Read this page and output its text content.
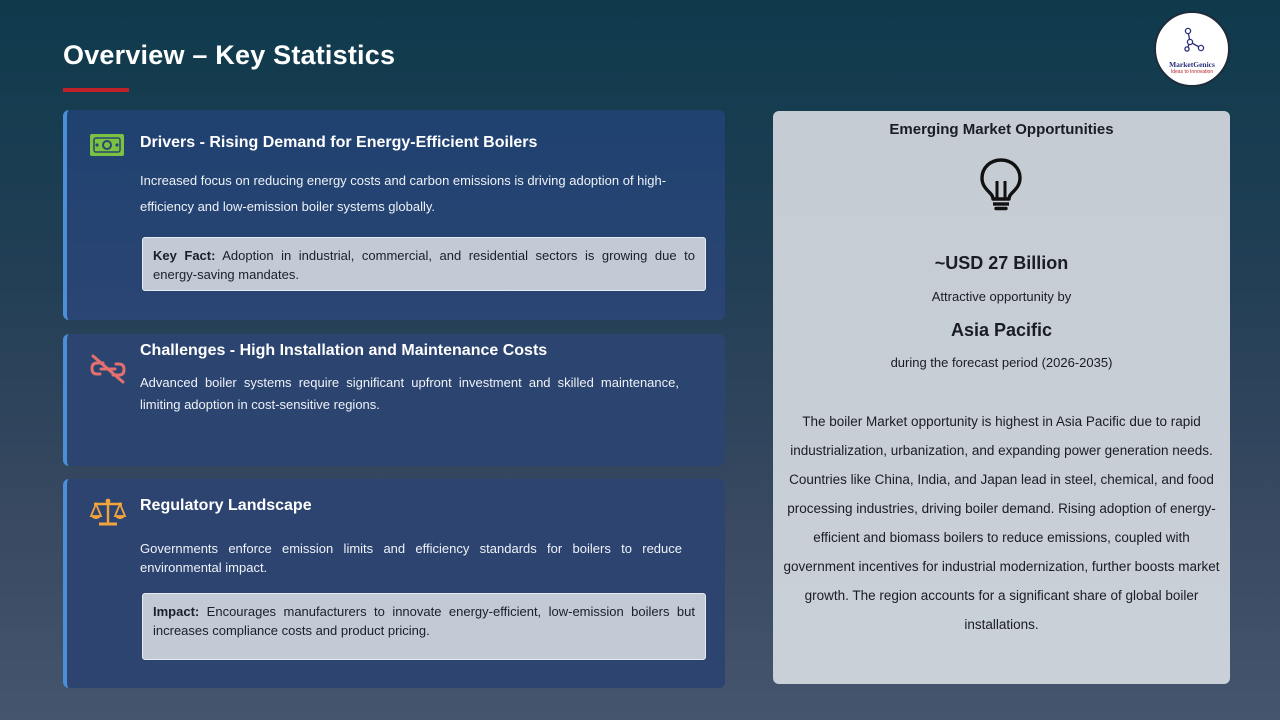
Overview – Key Statistics	MarketGenics
Ideas to Innovation
Drivers - Rising Demand for Energy-Efficient Boilers
Increased focus on reducing energy costs and carbon emissions is driving adoption of high-efficiency and low-emission boiler systems globally.
Key Fact: Adoption in industrial, commercial, and residential sectors is growing due to energy-saving mandates.
Challenges - High Installation and Maintenance Costs
Advanced boiler systems require significant upfront investment and skilled maintenance, limiting adoption in cost-sensitive regions.
Regulatory Landscape
Governments enforce emission limits and efficiency standards for boilers to reduce environmental impact.
Impact: Encourages manufacturers to innovate energy-efficient, low-emission boilers but increases compliance costs and product pricing.
Emerging Market Opportunities
~USD 27 Billion
Attractive opportunity by
Asia Pacific
during the forecast period (2026-2035)
The boiler Market opportunity is highest in Asia Pacific due to rapid industrialization, urbanization, and expanding power generation needs. Countries like China, India, and Japan lead in steel, chemical, and food processing industries, driving boiler demand. Rising adoption of energy-efficient and biomass boilers to reduce emissions, coupled with government incentives for industrial modernization, further boosts market growth. The region accounts for a significant share of global boiler installations.
